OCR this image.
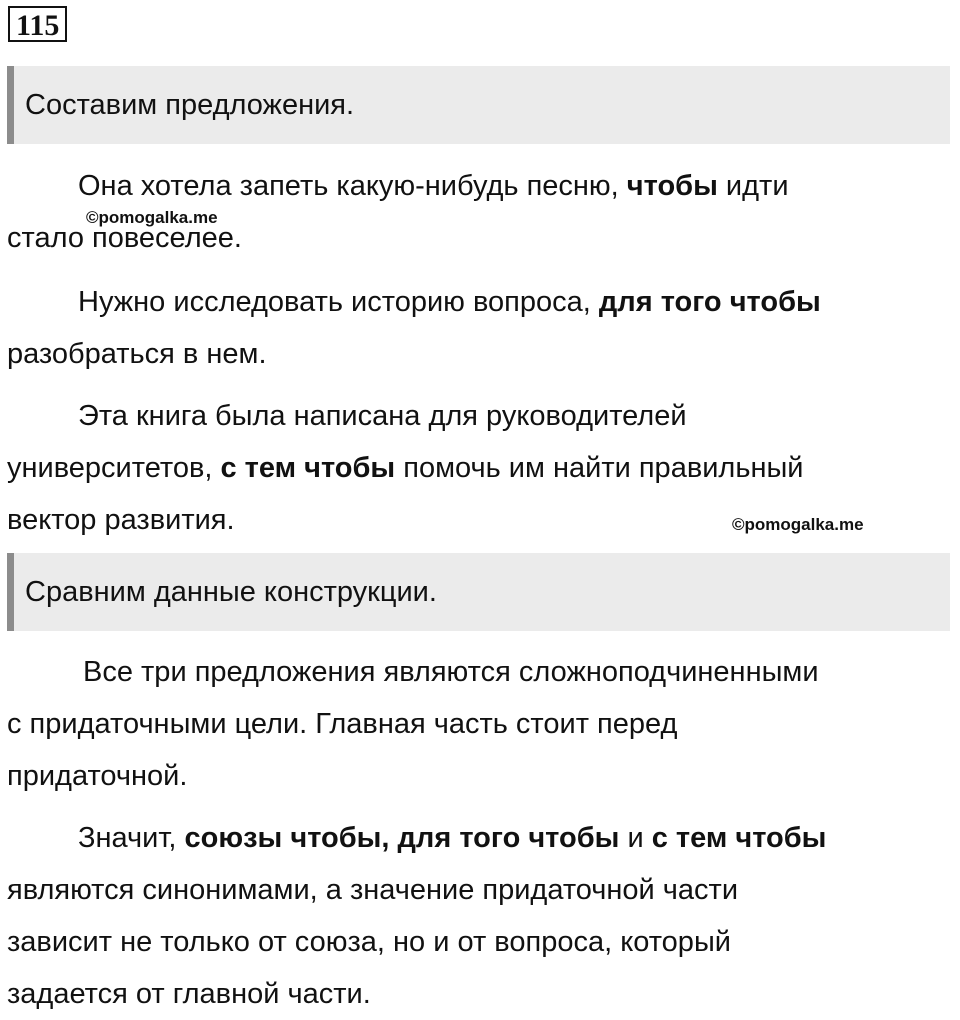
115
Составим предложения.

Она хотела запеть какую-нибудь песню, чтобы идти
стало повеселее.

©pomogalka.me

Нужно исследовать историю вопроса, для того чтобы
разобраться в нем.

Эта книга была написана для руководителей
университетов, с тем чтобы помочь им найти правильный
вектор развития.	©pomogalka.me
Сравним данные конструкции.

Все три предложения являются сложноподчиненными
с придаточными цели. Главная часть стоит перед
придаточной.

Значит, союзы чтобы, для того чтобы и с тем чтобы
являются синонимами, а значение придаточной части
зависит не только от союза, но и от вопроса, который
задается от главной части.
